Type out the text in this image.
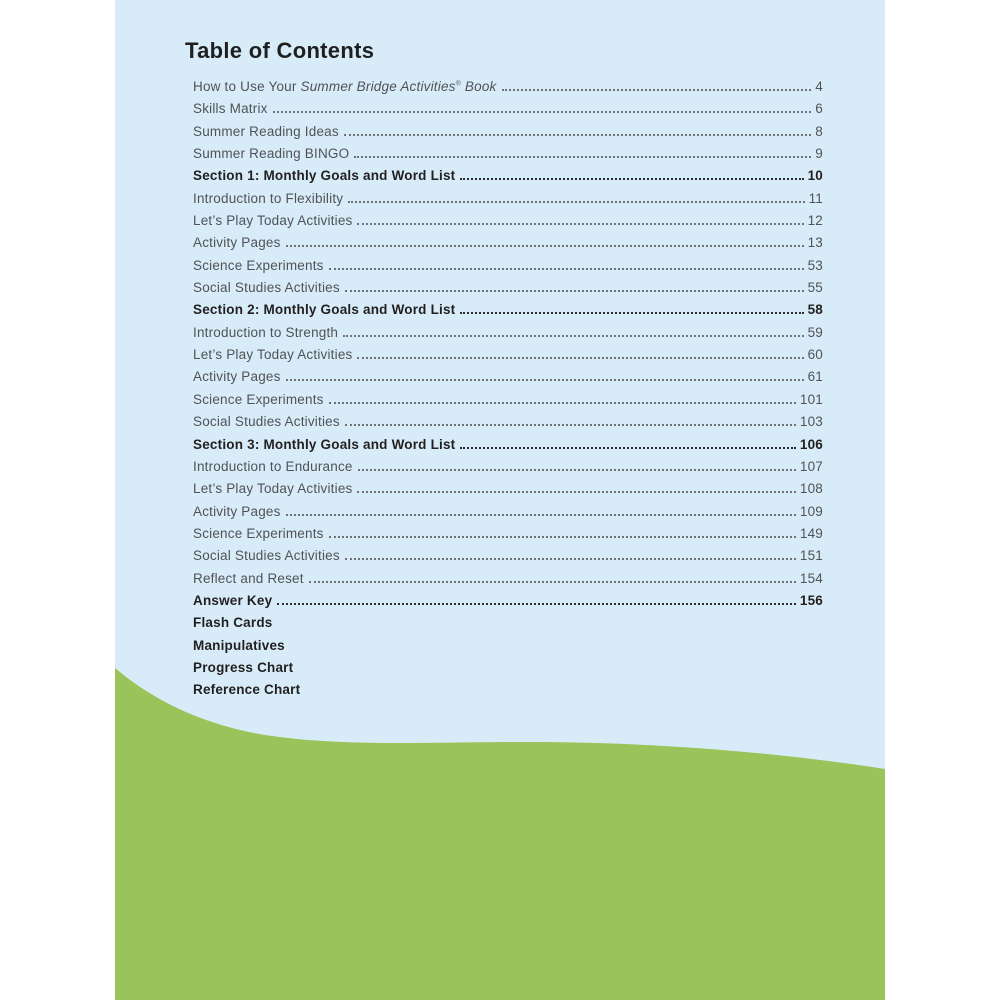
Table of Contents
How to Use Your Summer Bridge Activities® Book	4
Skills Matrix	6
Summer Reading Ideas	8
Summer Reading BINGO	9
Section 1: Monthly Goals and Word List	10
Introduction to Flexibility	11
Let’s Play Today Activities	12
Activity Pages	13
Science Experiments	53
Social Studies Activities	55
Section 2: Monthly Goals and Word List	58
Introduction to Strength	59
Let’s Play Today Activities	60
Activity Pages	61
Science Experiments	101
Social Studies Activities	103
Section 3: Monthly Goals and Word List	106
Introduction to Endurance	107
Let’s Play Today Activities	108
Activity Pages	109
Science Experiments	149
Social Studies Activities	151
Reflect and Reset	154
Answer Key	156
Flash Cards
Manipulatives
Progress Chart
Reference Chart
